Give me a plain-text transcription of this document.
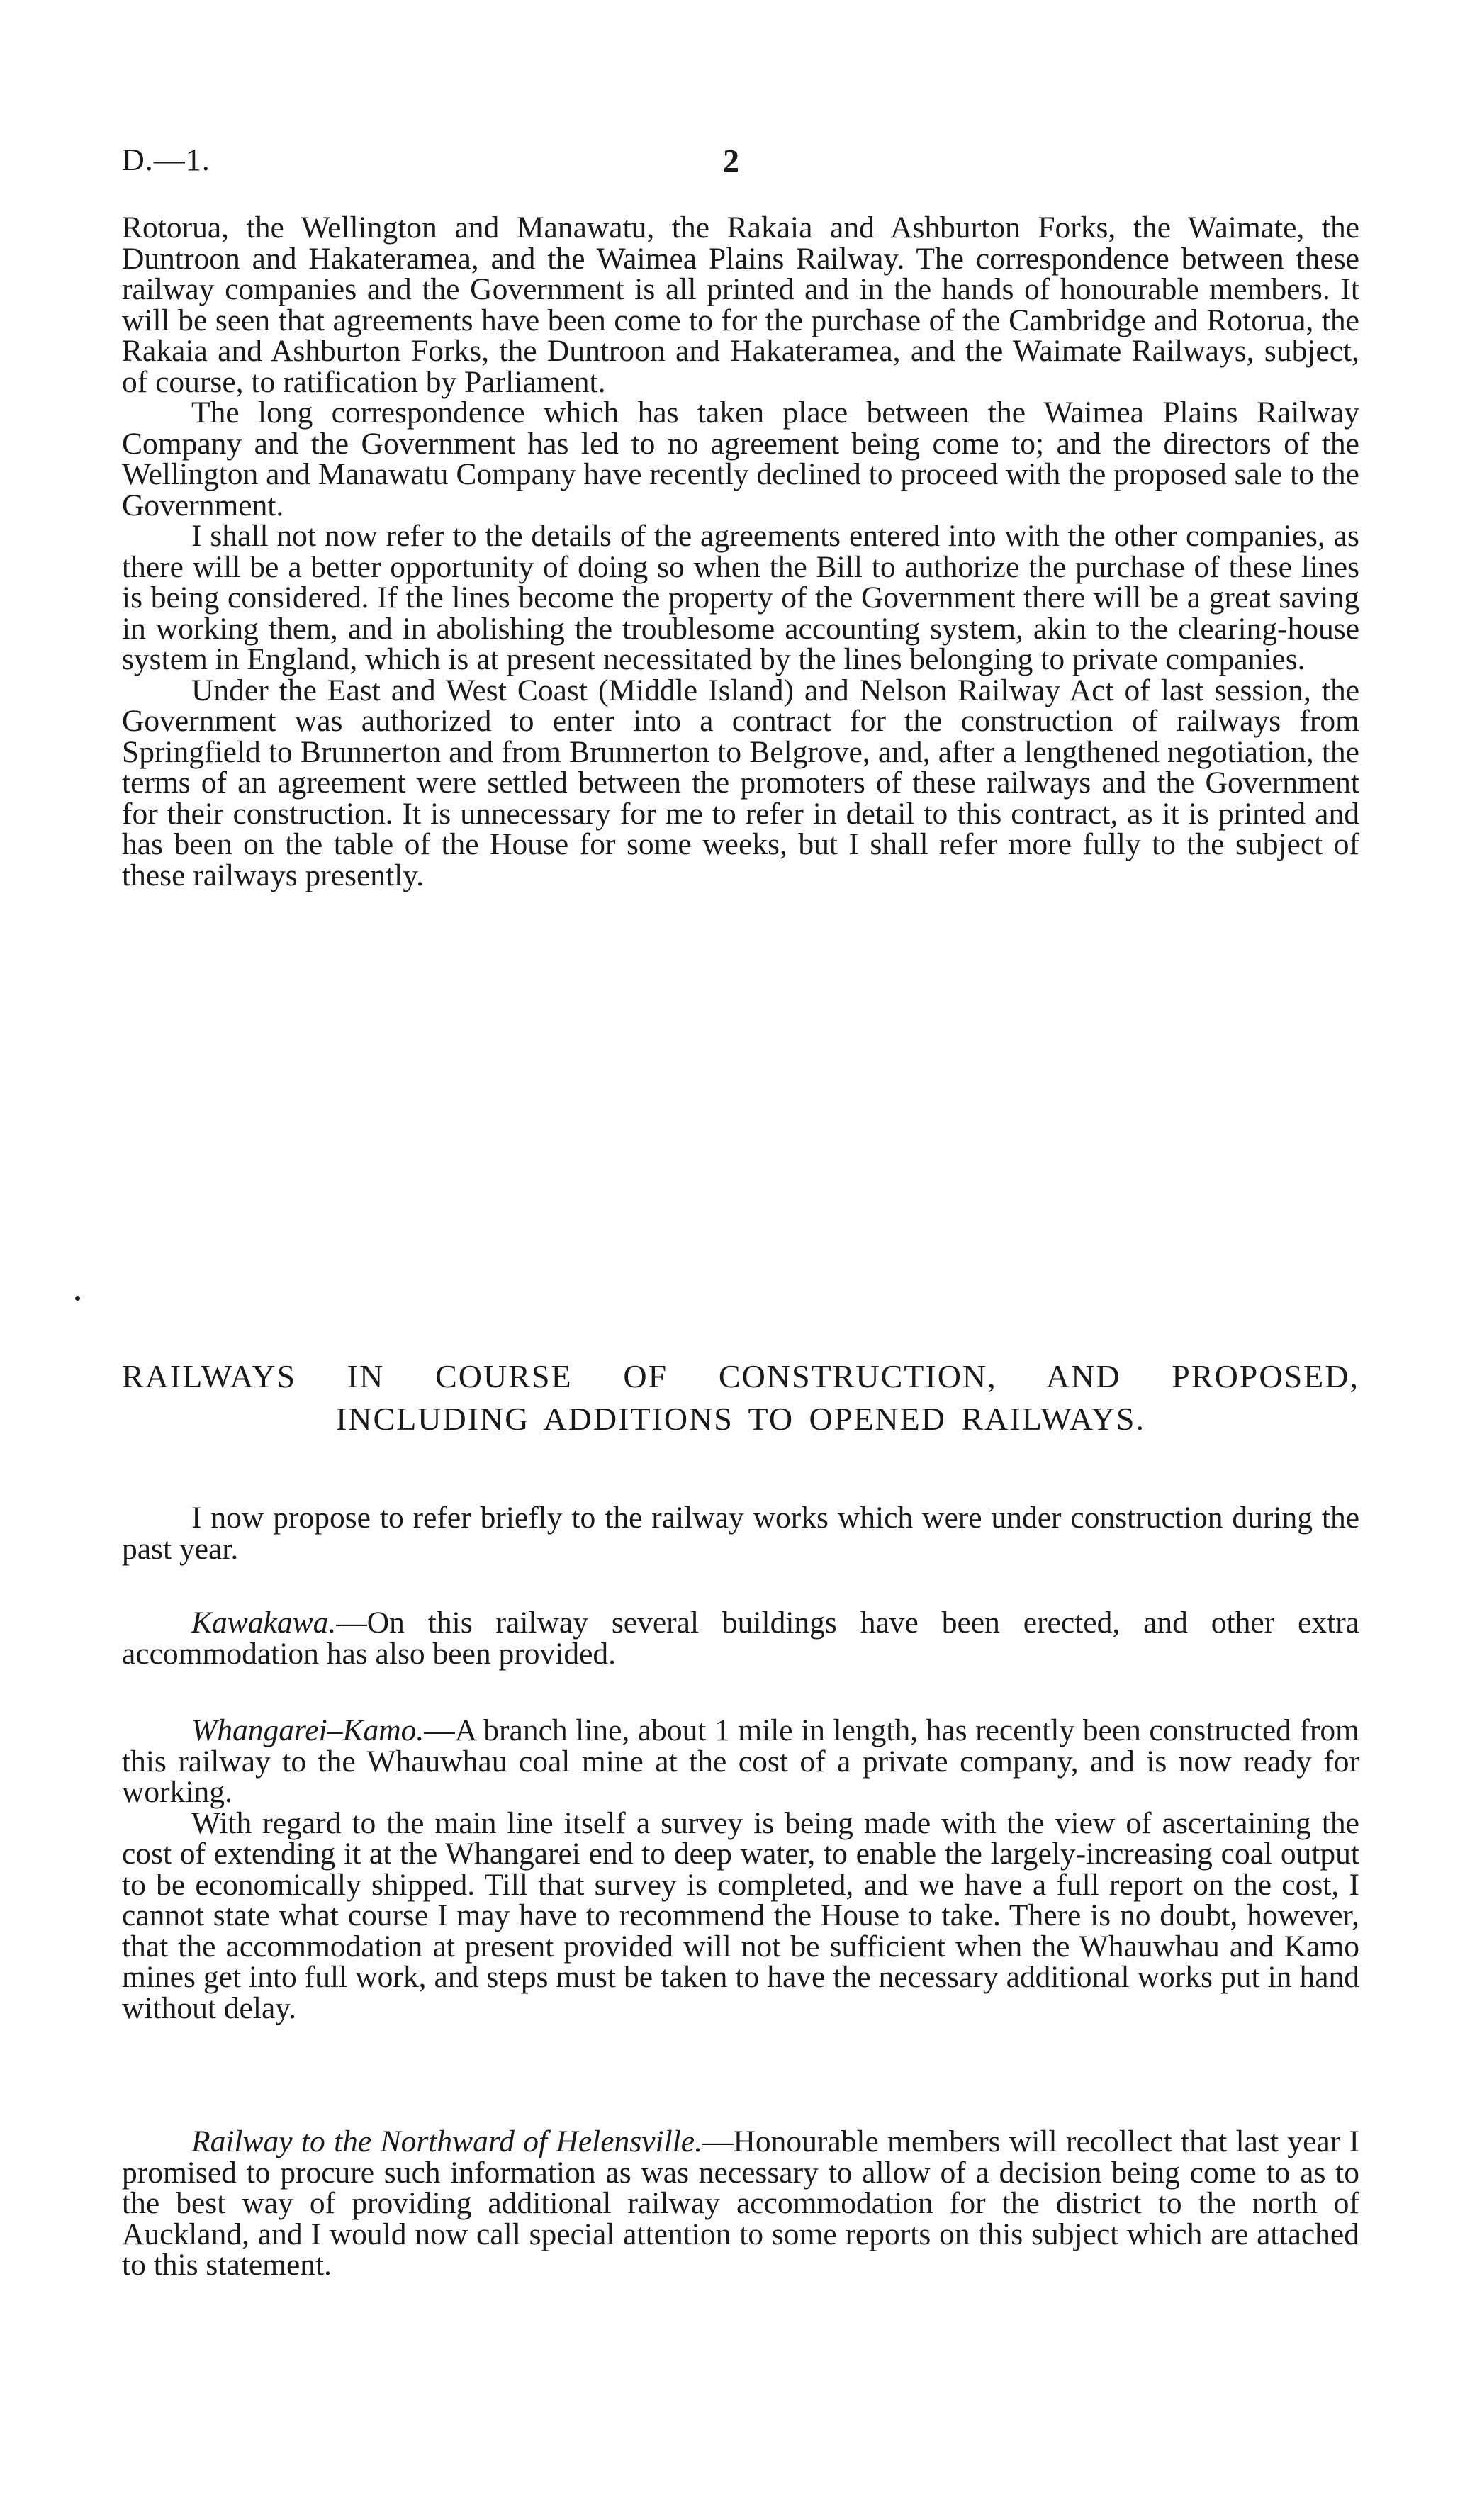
D.—1.	2

Rotorua, the Wellington and Manawatu, the Rakaia and Ashburton Forks, the Waimate, the Duntroon and Hakateramea, and the Waimea Plains Railway. The correspondence between these railway companies and the Government is all printed and in the hands of honourable members. It will be seen that agreements have been come to for the purchase of the Cambridge and Rotorua, the Rakaia and Ashburton Forks, the Duntroon and Hakateramea, and the Waimate Railways, subject, of course, to ratification by Parliament.

The long correspondence which has taken place between the Waimea Plains Railway Company and the Government has led to no agreement being come to; and the directors of the Wellington and Manawatu Company have recently declined to proceed with the proposed sale to the Government.

I shall not now refer to the details of the agreements entered into with the other companies, as there will be a better opportunity of doing so when the Bill to authorize the purchase of these lines is being considered. If the lines become the property of the Government there will be a great saving in working them, and in abolishing the troublesome accounting system, akin to the clearing-house system in England, which is at present necessitated by the lines belonging to private companies.

Under the East and West Coast (Middle Island) and Nelson Railway Act of last session, the Government was authorized to enter into a contract for the construction of railways from Springfield to Brunnerton and from Brunnerton to Belgrove, and, after a lengthened negotiation, the terms of an agreement were settled between the promoters of these railways and the Government for their construction. It is unnecessary for me to refer in detail to this contract, as it is printed and has been on the table of the House for some weeks, but I shall refer more fully to the subject of these railways presently.

RAILWAYS IN COURSE OF CONSTRUCTION, AND PROPOSED,
INCLUDING ADDITIONS TO OPENED RAILWAYS.

I now propose to refer briefly to the railway works which were under construction during the past year.

Kawakawa.—On this railway several buildings have been erected, and other extra accommodation has also been provided.

Whangarei–Kamo.—A branch line, about 1 mile in length, has recently been constructed from this railway to the Whauwhau coal mine at the cost of a private company, and is now ready for working.

With regard to the main line itself a survey is being made with the view of ascertaining the cost of extending it at the Whangarei end to deep water, to enable the largely-increasing coal output to be economically shipped. Till that survey is completed, and we have a full report on the cost, I cannot state what course I may have to recommend the House to take. There is no doubt, however, that the accommodation at present provided will not be sufficient when the Whauwhau and Kamo mines get into full work, and steps must be taken to have the necessary additional works put in hand without delay.

Railway to the Northward of Helensville.—Honourable members will recollect that last year I promised to procure such information as was necessary to allow of a decision being come to as to the best way of providing additional railway accommodation for the district to the north of Auckland, and I would now call special attention to some reports on this subject which are attached to this statement.
